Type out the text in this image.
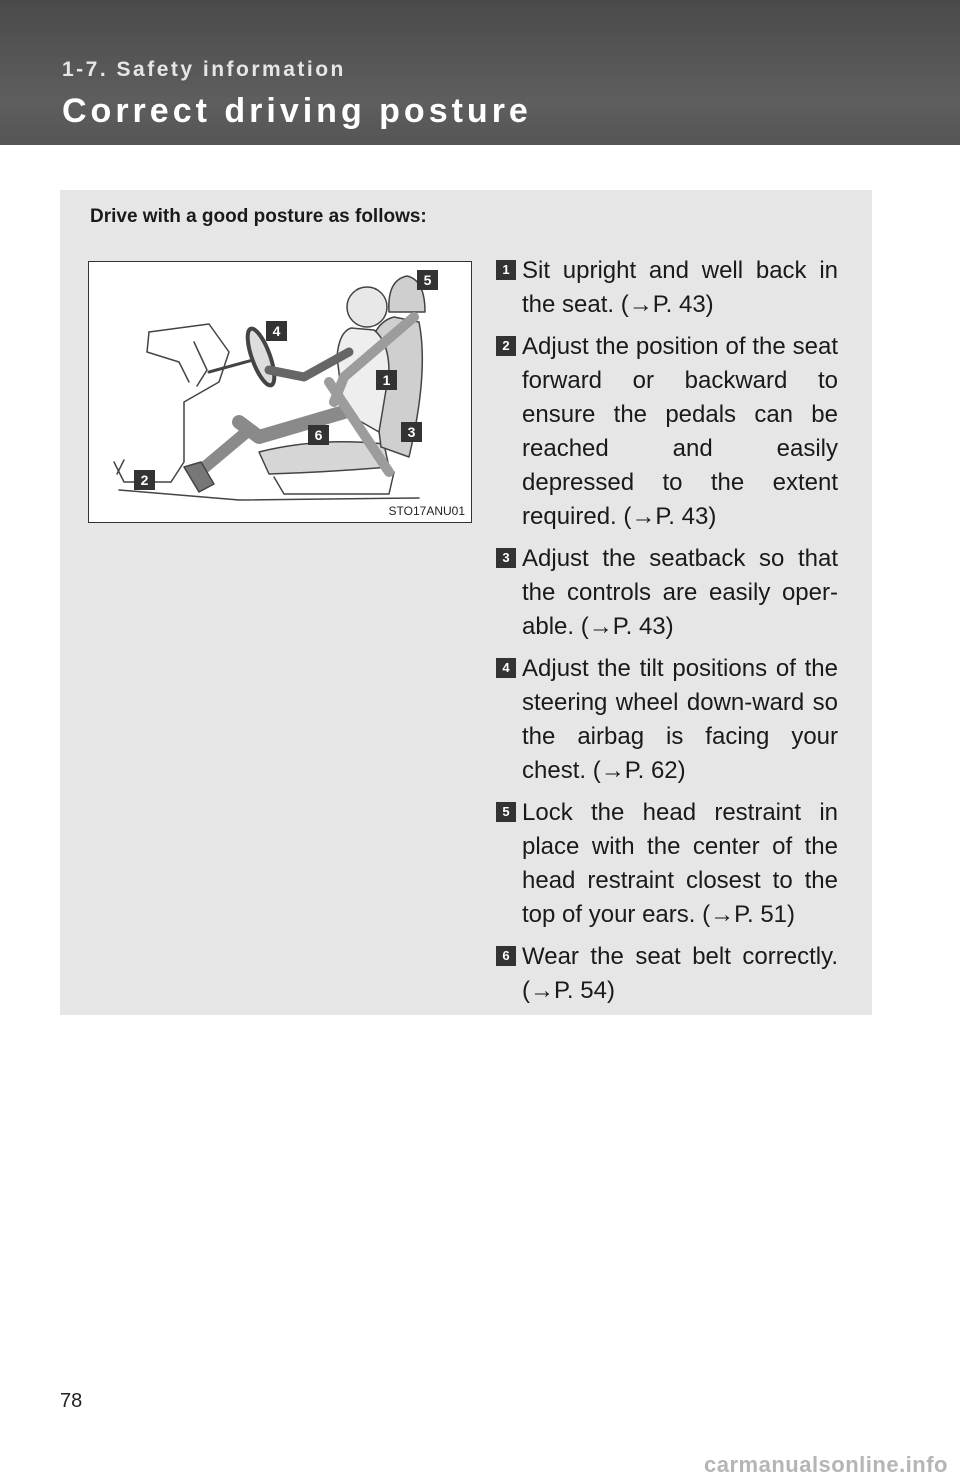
1-7. Safety information
Correct driving posture
Drive with a good posture as follows:
5
4
1
3
6
2
STO17ANU01
1 Sit upright and well back in the seat. (→P. 43)
2 Adjust the position of the seat forward or backward to ensure the pedals can be reached and easily depressed to the extent required. (→P. 43)
3 Adjust the seatback so that the controls are easily oper-able. (→P. 43)
4 Adjust the tilt positions of the steering wheel down-ward so the airbag is facing your chest. (→P. 62)
5 Lock the head restraint in place with the center of the head restraint closest to the top of your ears. (→P. 51)
6 Wear the seat belt correctly. (→P. 54)
78
carmanualsonline.info
